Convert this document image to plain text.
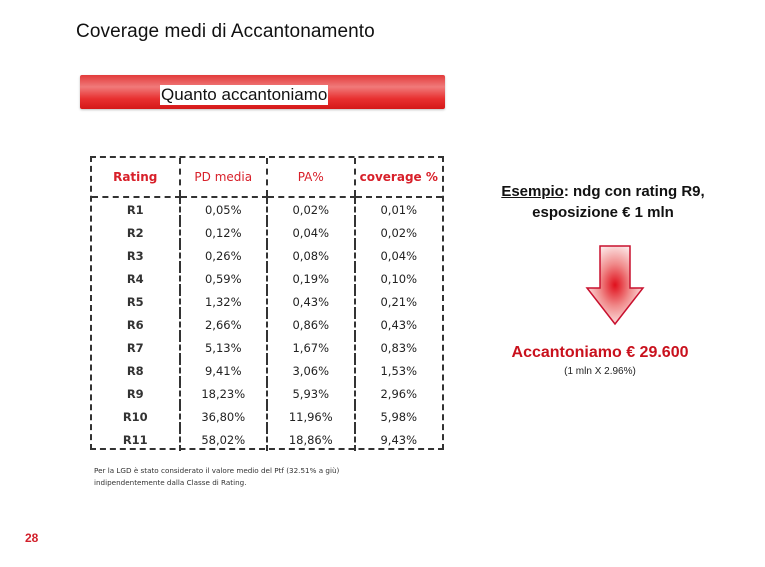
Coverage medi di Accantonamento
Quanto accantoniamo
Rating	PD media	PA%	coverage %
R1	0,05%	0,02%	0,01%
R2	0,12%	0,04%	0,02%
R3	0,26%	0,08%	0,04%
R4	0,59%	0,19%	0,10%
R5	1,32%	0,43%	0,21%
R6	2,66%	0,86%	0,43%
R7	5,13%	1,67%	0,83%
R8	9,41%	3,06%	1,53%
R9	18,23%	5,93%	2,96%
R10	36,80%	11,96%	5,98%
R11	58,02%	18,86%	9,43%
Esempio: ndg con rating R9,
esposizione € 1 mln
Accantoniamo € 29.600
(1 mln X 2.96%)
Per la LGD è stato considerato il valore medio del Ptf (32.51% a giù)
indipendentemente dalla Classe di Rating.
28
